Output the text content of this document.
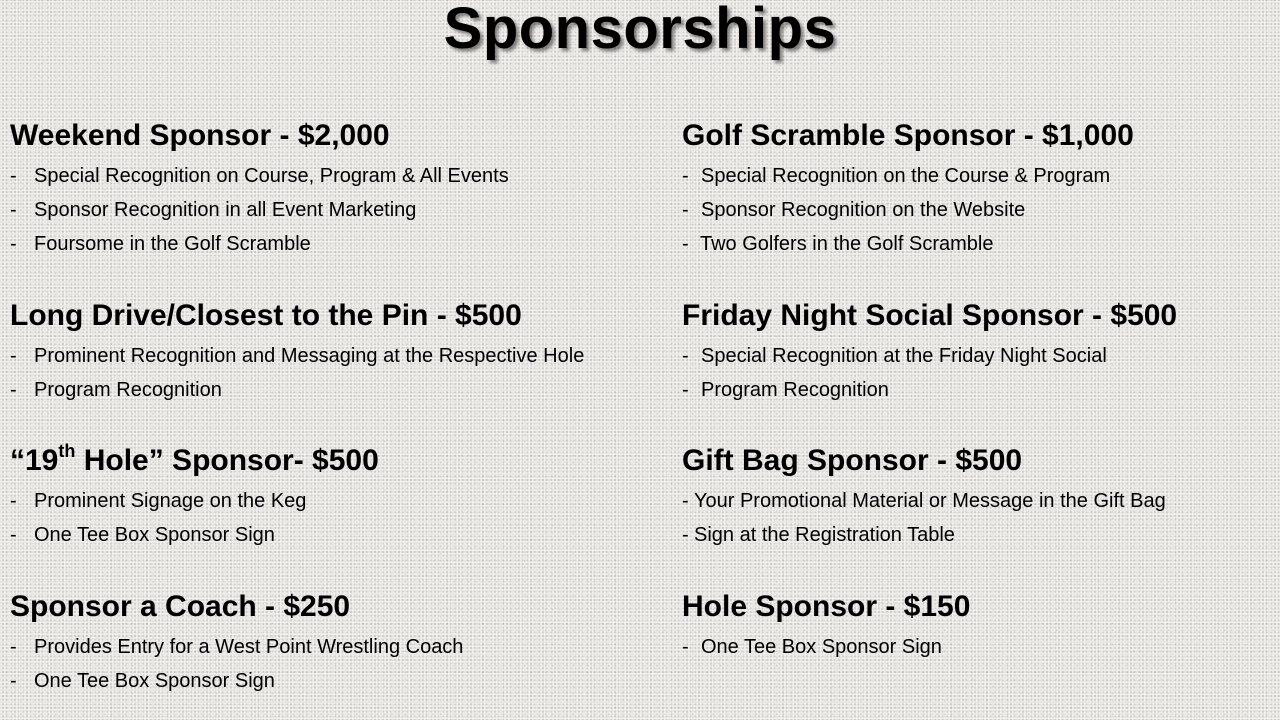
Sponsorships
Weekend Sponsor - $2,000
- Special Recognition on Course, Program & All Events
- Sponsor Recognition in all Event Marketing
- Foursome in the Golf Scramble
Long Drive/Closest to the Pin - $500
- Prominent Recognition and Messaging at the Respective Hole
- Program Recognition
“19th Hole” Sponsor- $500
- Prominent Signage on the Keg
- One Tee Box Sponsor Sign
Sponsor a Coach - $250
- Provides Entry for a West Point Wrestling Coach
- One Tee Box Sponsor Sign
Golf Scramble Sponsor - $1,000
- Special Recognition on the Course & Program
- Sponsor Recognition on the Website
- Two Golfers in the Golf Scramble
Friday Night Social Sponsor - $500
- Special Recognition at the Friday Night Social
- Program Recognition
Gift Bag Sponsor - $500
- Your Promotional Material or Message in the Gift Bag
- Sign at the Registration Table
Hole Sponsor - $150
- One Tee Box Sponsor Sign
